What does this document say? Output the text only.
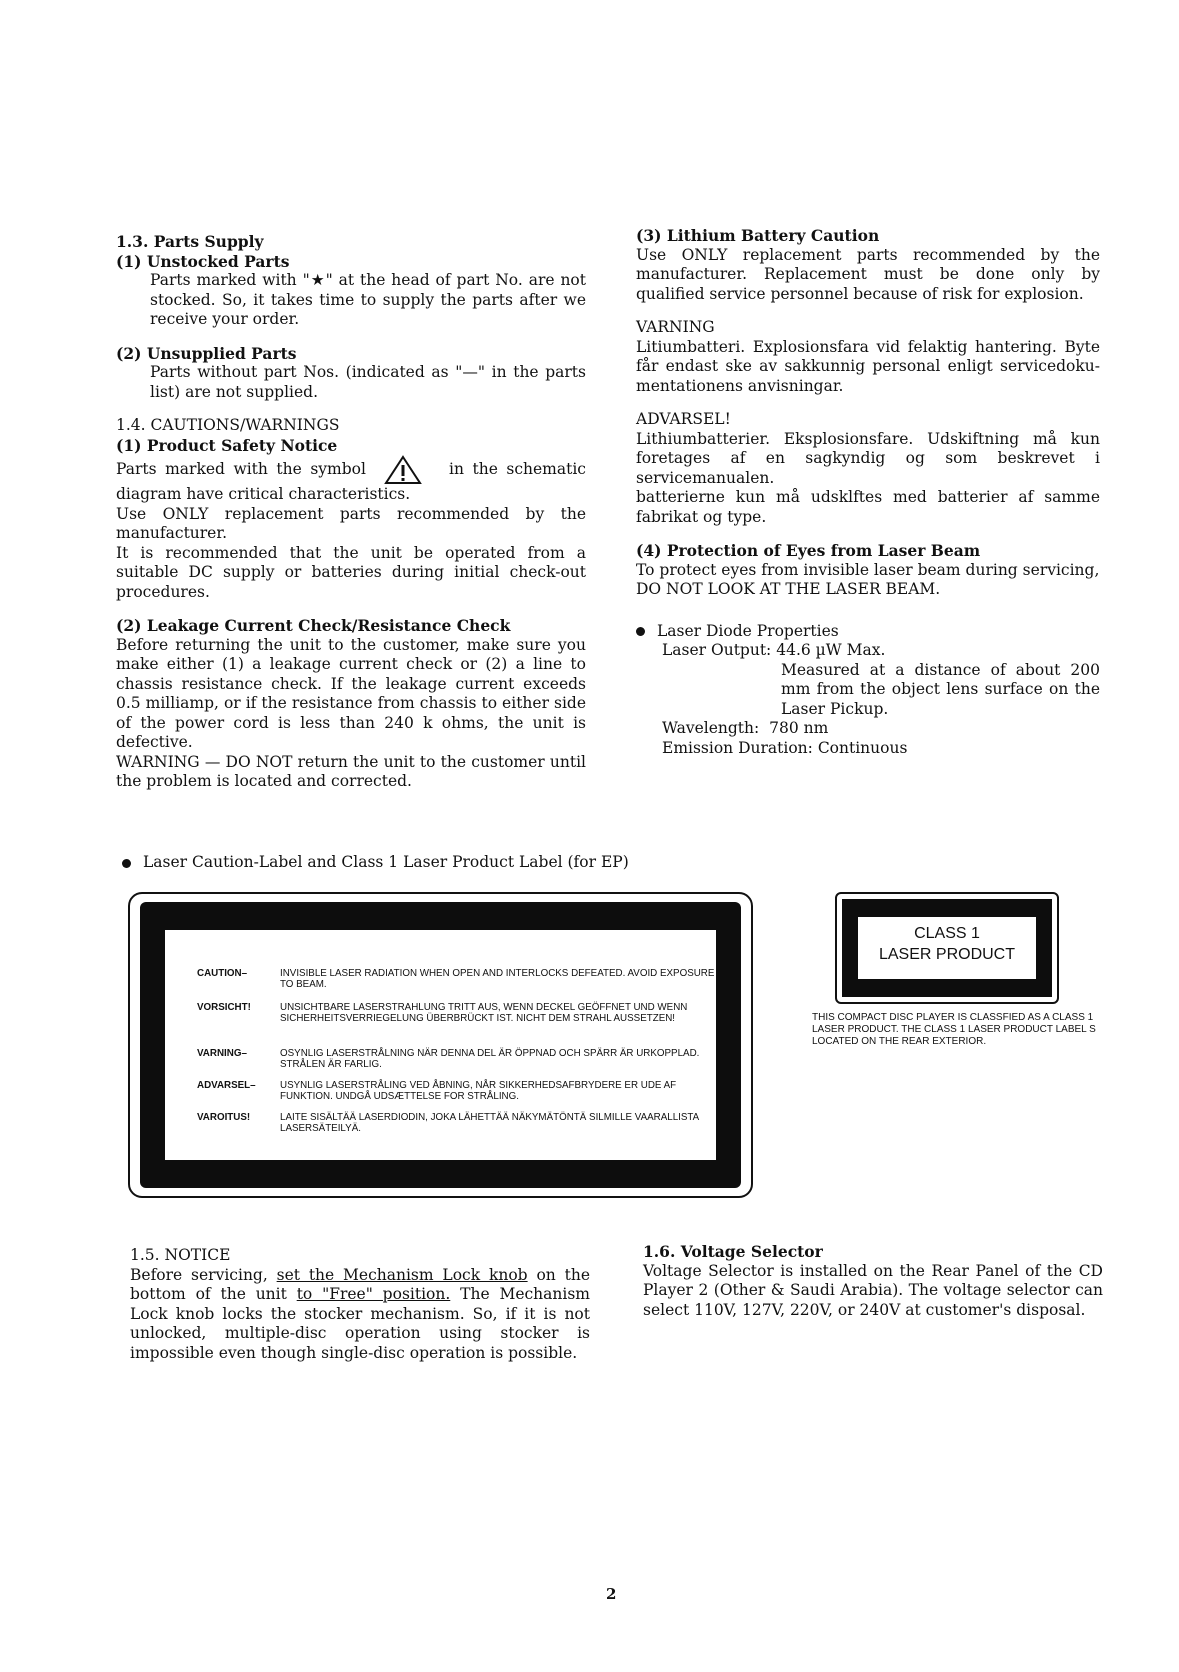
1.3. Parts Supply
(1) Unstocked Parts

Parts marked with "★" at the head of part No. are not stocked. So, it takes time to supply the parts after we receive your order.

(2) Unsupplied Parts

Parts without part Nos. (indicated as "—" in the parts list) are not supplied.

1.4. CAUTIONS/WARNINGS
(1) Product Safety Notice

Parts marked with the symbol	in the schematic diagram have critical characteristics.

Use ONLY replacement parts recommended by the manufacturer.

It is recommended that the unit be operated from a suitable DC supply or batteries during initial check-out procedures.

(2) Leakage Current Check/Resistance Check

Before returning the unit to the customer, make sure you make either (1) a leakage current check or (2) a line to chassis resistance check. If the leakage current exceeds 0.5 milliamp, or if the resistance from chassis to either side of the power cord is less than 240 k ohms, the unit is defective.

WARNING — DO NOT return the unit to the customer until the problem is located and corrected.

(3) Lithium Battery Caution

Use ONLY replacement parts recommended by the manufacturer. Replacement must be done only by qualified service personnel because of risk for explosion.

VARNING

Litiumbatteri. Explosionsfara vid felaktig hantering. Byte får endast ske av sakkunnig personal enligt servicedoku-mentationens anvisningar.

ADVARSEL!

Lithiumbatterier. Eksplosionsfare. Udskiftning må kun foretages af en sagkyndig og som beskrevet i servicemanualen.

batterierne kun må udsklftes med batterier af samme fabrikat og type.

(4) Protection of Eyes from Laser Beam

To protect eyes from invisible laser beam during servicing,

DO NOT LOOK AT THE LASER BEAM.

Laser Diode Properties
Laser Output: 44.6 µW Max.

Measured at a distance of about 200 mm from the object lens surface on the Laser Pickup.

Wavelength: 780 nm
Emission Duration: Continuous
Laser Caution-Label and Class 1 Laser Product Label (for EP)
CAUTION–	INVISIBLE LASER RADIATION WHEN OPEN AND INTERLOCKS DEFEATED. AVOID EXPOSURE TO BEAM.
VORSICHT!	UNSICHTBARE LASERSTRAHLUNG TRITT AUS, WENN DECKEL GEÖFFNET UND WENN SICHERHEITSVERRIEGELUNG ÜBERBRÜCKT IST. NICHT DEM STRAHL AUSSETZEN!
VARNING–	OSYNLIG LASERSTRÅLNING NÄR DENNA DEL ÄR ÖPPNAD OCH SPÄRR ÄR URKOPPLAD. STRÅLEN ÄR FARLIG.
ADVARSEL–	USYNLIG LASERSTRÅLING VED ÅBNING, NÅR SIKKERHEDSAFBRYDERE ER UDE AF FUNKTION. UNDGÅ UDSÆTTELSE FOR STRÅLING.
VAROITUS!	LAITE SISÄLTÄÄ LASERDIODIN, JOKA LÄHETTÄÄ NÄKYMÄTÖNTÄ SILMILLE VAARALLISTA LASERSÄTEILYÄ.
CLASS 1
LASER PRODUCT
THIS COMPACT DISC PLAYER IS CLASSFIED AS A CLASS 1 LASER PRODUCT. THE CLASS 1 LASER PRODUCT LABEL S LOCATED ON THE REAR EXTERIOR.
1.5. NOTICE

Before servicing, set the Mechanism Lock knob on the bottom of the unit to "Free" position. The Mechanism Lock knob locks the stocker mechanism. So, if it is not unlocked, multiple-disc operation using stocker is impossible even though single-disc operation is possible.

1.6. Voltage Selector

Voltage Selector is installed on the Rear Panel of the CD Player 2 (Other & Saudi Arabia). The voltage selector can select 110V, 127V, 220V, or 240V at customer's disposal.

2
